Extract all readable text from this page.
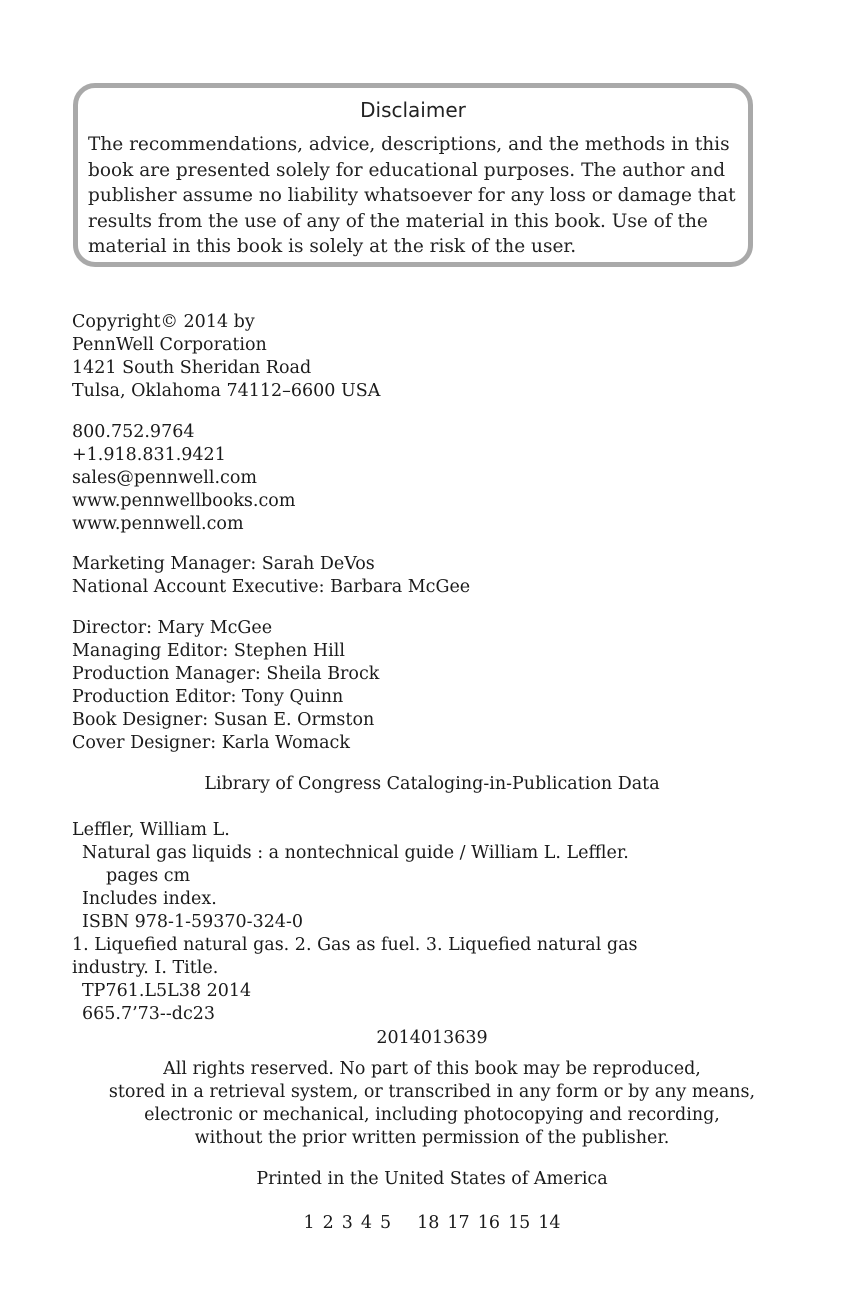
Disclaimer
The recommendations, advice, descriptions, and the methods in this book are presented solely for educational purposes. The author and publisher assume no liability whatsoever for any loss or damage that results from the use of any of the material in this book. Use of the material in this book is solely at the risk of the user.
Copyright© 2014 by
PennWell Corporation
1421 South Sheridan Road
Tulsa, Oklahoma 74112–6600 USA
800.752.9764
+1.918.831.9421
sales@pennwell.com
www.pennwellbooks.com
www.pennwell.com
Marketing Manager: Sarah DeVos
National Account Executive: Barbara McGee
Director: Mary McGee
Managing Editor: Stephen Hill
Production Manager: Sheila Brock
Production Editor: Tony Quinn
Book Designer: Susan E. Ormston
Cover Designer: Karla Womack
Library of Congress Cataloging-in-Publication Data
Leffler, William L.
Natural gas liquids : a nontechnical guide / William L. Leffler.
pages cm
Includes index.
ISBN 978-1-59370-324-0
1. Liquefied natural gas. 2. Gas as fuel. 3. Liquefied natural gas
industry. I. Title.
TP761.L5L38 2014
665.7’73--dc23
2014013639
All rights reserved. No part of this book may be reproduced,
stored in a retrieval system, or transcribed in any form or by any means,
electronic or mechanical, including photocopying and recording,
without the prior written permission of the publisher.
Printed in the United States of America
1 2 3 4 5 18 17 16 15 14
